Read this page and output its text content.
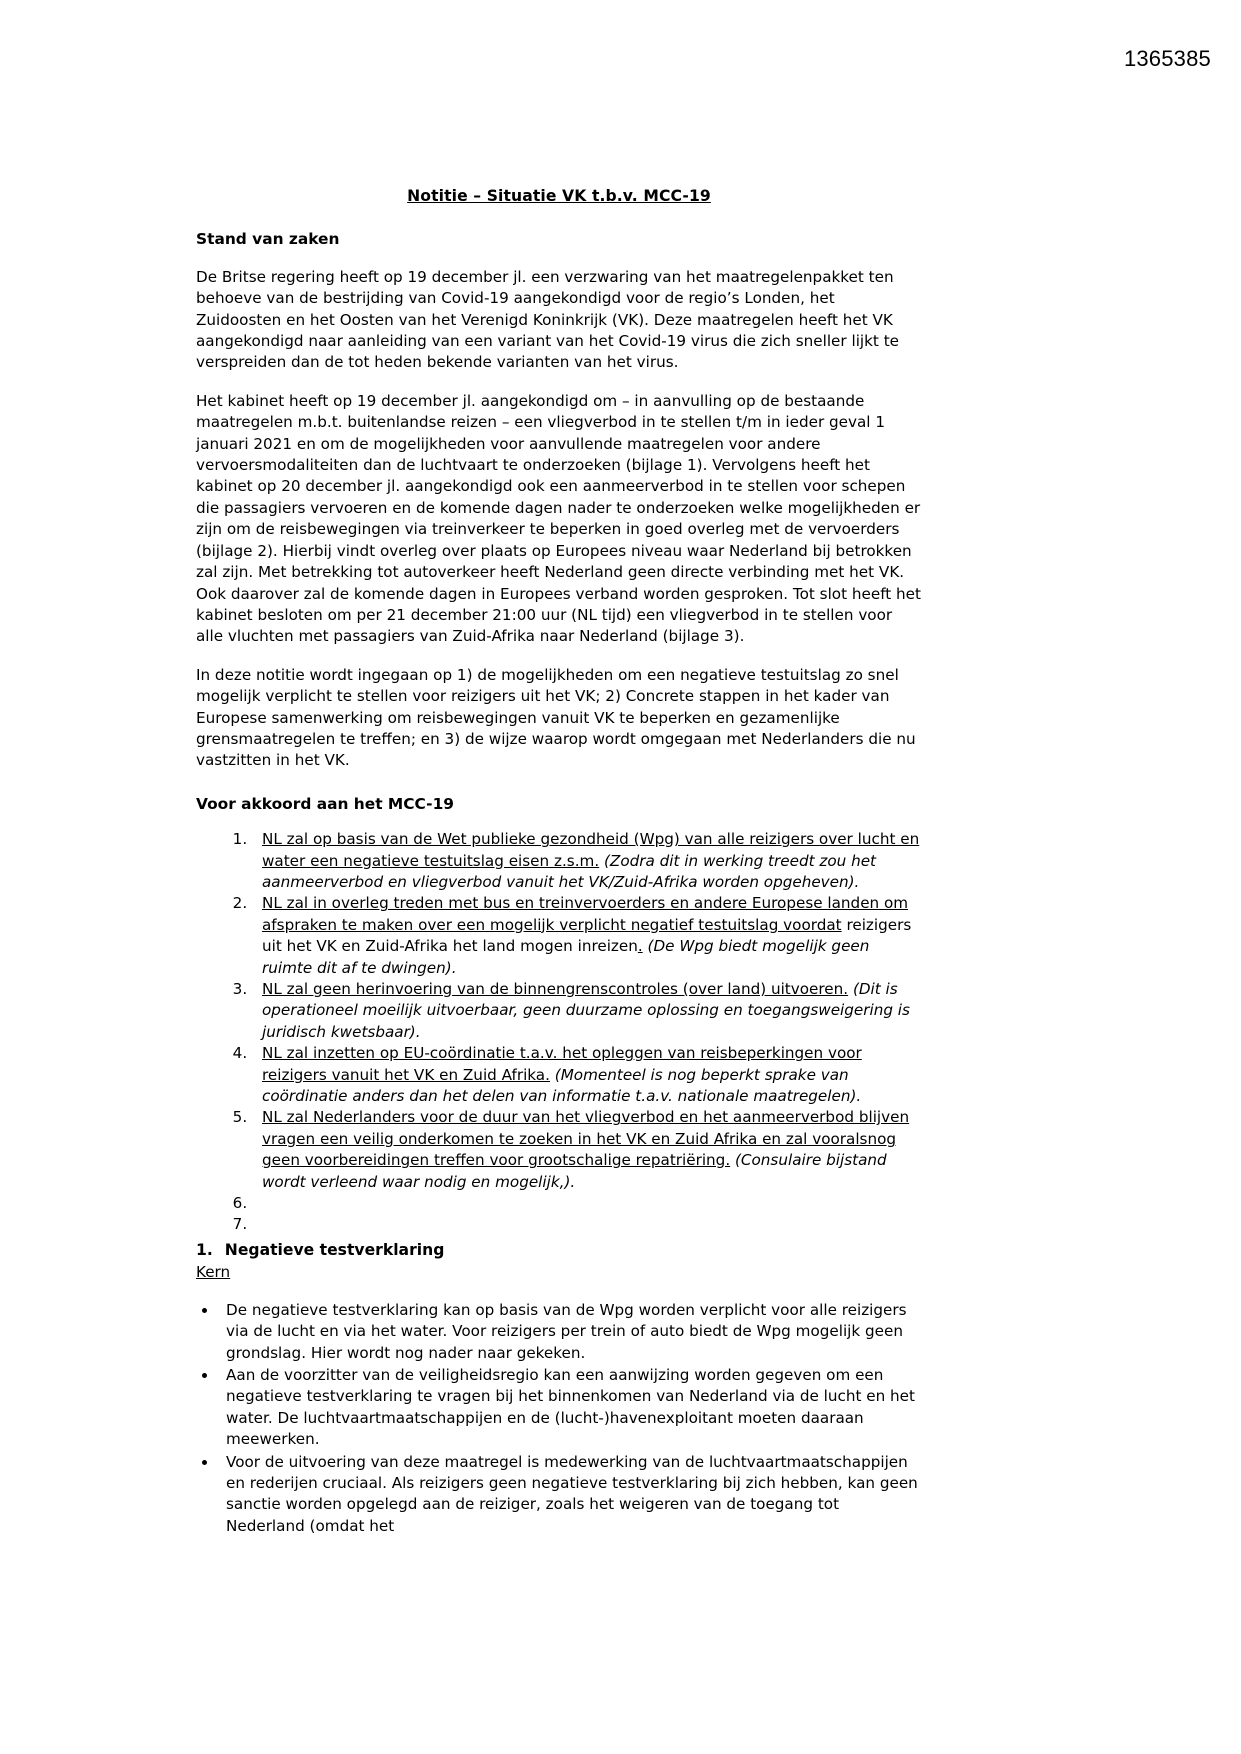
1365385
Notitie – Situatie VK t.b.v. MCC-19
Stand van zaken

De Britse regering heeft op 19 december jl. een verzwaring van het maatregelenpakket ten behoeve van de bestrijding van Covid-19 aangekondigd voor de regio’s Londen, het Zuidoosten en het Oosten van het Verenigd Koninkrijk (VK). Deze maatregelen heeft het VK aangekondigd naar aanleiding van een variant van het Covid-19 virus die zich sneller lijkt te verspreiden dan de tot heden bekende varianten van het virus.

Het kabinet heeft op 19 december jl. aangekondigd om – in aanvulling op de bestaande maatregelen m.b.t. buitenlandse reizen – een vliegverbod in te stellen t/m in ieder geval 1 januari 2021 en om de mogelijkheden voor aanvullende maatregelen voor andere vervoersmodaliteiten dan de luchtvaart te onderzoeken (bijlage 1). Vervolgens heeft het kabinet op 20 december jl. aangekondigd ook een aanmeerverbod in te stellen voor schepen die passagiers vervoeren en de komende dagen nader te onderzoeken welke mogelijkheden er zijn om de reisbewegingen via treinverkeer te beperken in goed overleg met de vervoerders (bijlage 2). Hierbij vindt overleg over plaats op Europees niveau waar Nederland bij betrokken zal zijn. Met betrekking tot autoverkeer heeft Nederland geen directe verbinding met het VK. Ook daarover zal de komende dagen in Europees verband worden gesproken. Tot slot heeft het kabinet besloten om per 21 december 21:00 uur (NL tijd) een vliegverbod in te stellen voor alle vluchten met passagiers van Zuid-Afrika naar Nederland (bijlage 3).

In deze notitie wordt ingegaan op 1) de mogelijkheden om een negatieve testuitslag zo snel mogelijk verplicht te stellen voor reizigers uit het VK; 2) Concrete stappen in het kader van Europese samenwerking om reisbewegingen vanuit VK te beperken en gezamenlijke grensmaatregelen te treffen; en 3) de wijze waarop wordt omgegaan met Nederlanders die nu vastzitten in het VK.

Voor akkoord aan het MCC-19
1. NL zal op basis van de Wet publieke gezondheid (Wpg) van alle reizigers over lucht en water een negatieve testuitslag eisen z.s.m. (Zodra dit in werking treedt zou het aanmeerverbod en vliegverbod vanuit het VK/Zuid-Afrika worden opgeheven).
2. NL zal in overleg treden met bus en treinvervoerders en andere Europese landen om afspraken te maken over een mogelijk verplicht negatief testuitslag voordat reizigers uit het VK en Zuid-Afrika het land mogen inreizen. (De Wpg biedt mogelijk geen ruimte dit af te dwingen).
3. NL zal geen herinvoering van de binnengrenscontroles (over land) uitvoeren. (Dit is operationeel moeilijk uitvoerbaar, geen duurzame oplossing en toegangsweigering is juridisch kwetsbaar).
4. NL zal inzetten op EU-coördinatie t.a.v. het opleggen van reisbeperkingen voor reizigers vanuit het VK en Zuid Afrika. (Momenteel is nog beperkt sprake van coördinatie anders dan het delen van informatie t.a.v. nationale maatregelen).
5. NL zal Nederlanders voor de duur van het vliegverbod en het aanmeerverbod blijven vragen een veilig onderkomen te zoeken in het VK en Zuid Afrika en zal vooralsnog geen voorbereidingen treffen voor grootschalige repatriëring. (Consulaire bijstand wordt verleend waar nodig en mogelijk,).
6.
7.
1. Negatieve testverklaring
Kern
• De negatieve testverklaring kan op basis van de Wpg worden verplicht voor alle reizigers via de lucht en via het water. Voor reizigers per trein of auto biedt de Wpg mogelijk geen grondslag. Hier wordt nog nader naar gekeken.
• Aan de voorzitter van de veiligheidsregio kan een aanwijzing worden gegeven om een negatieve testverklaring te vragen bij het binnenkomen van Nederland via de lucht en het water. De luchtvaartmaatschappijen en de (lucht-)havenexploitant moeten daaraan meewerken.
• Voor de uitvoering van deze maatregel is medewerking van de luchtvaartmaatschappijen en rederijen cruciaal. Als reizigers geen negatieve testverklaring bij zich hebben, kan geen sanctie worden opgelegd aan de reiziger, zoals het weigeren van de toegang tot Nederland (omdat het
